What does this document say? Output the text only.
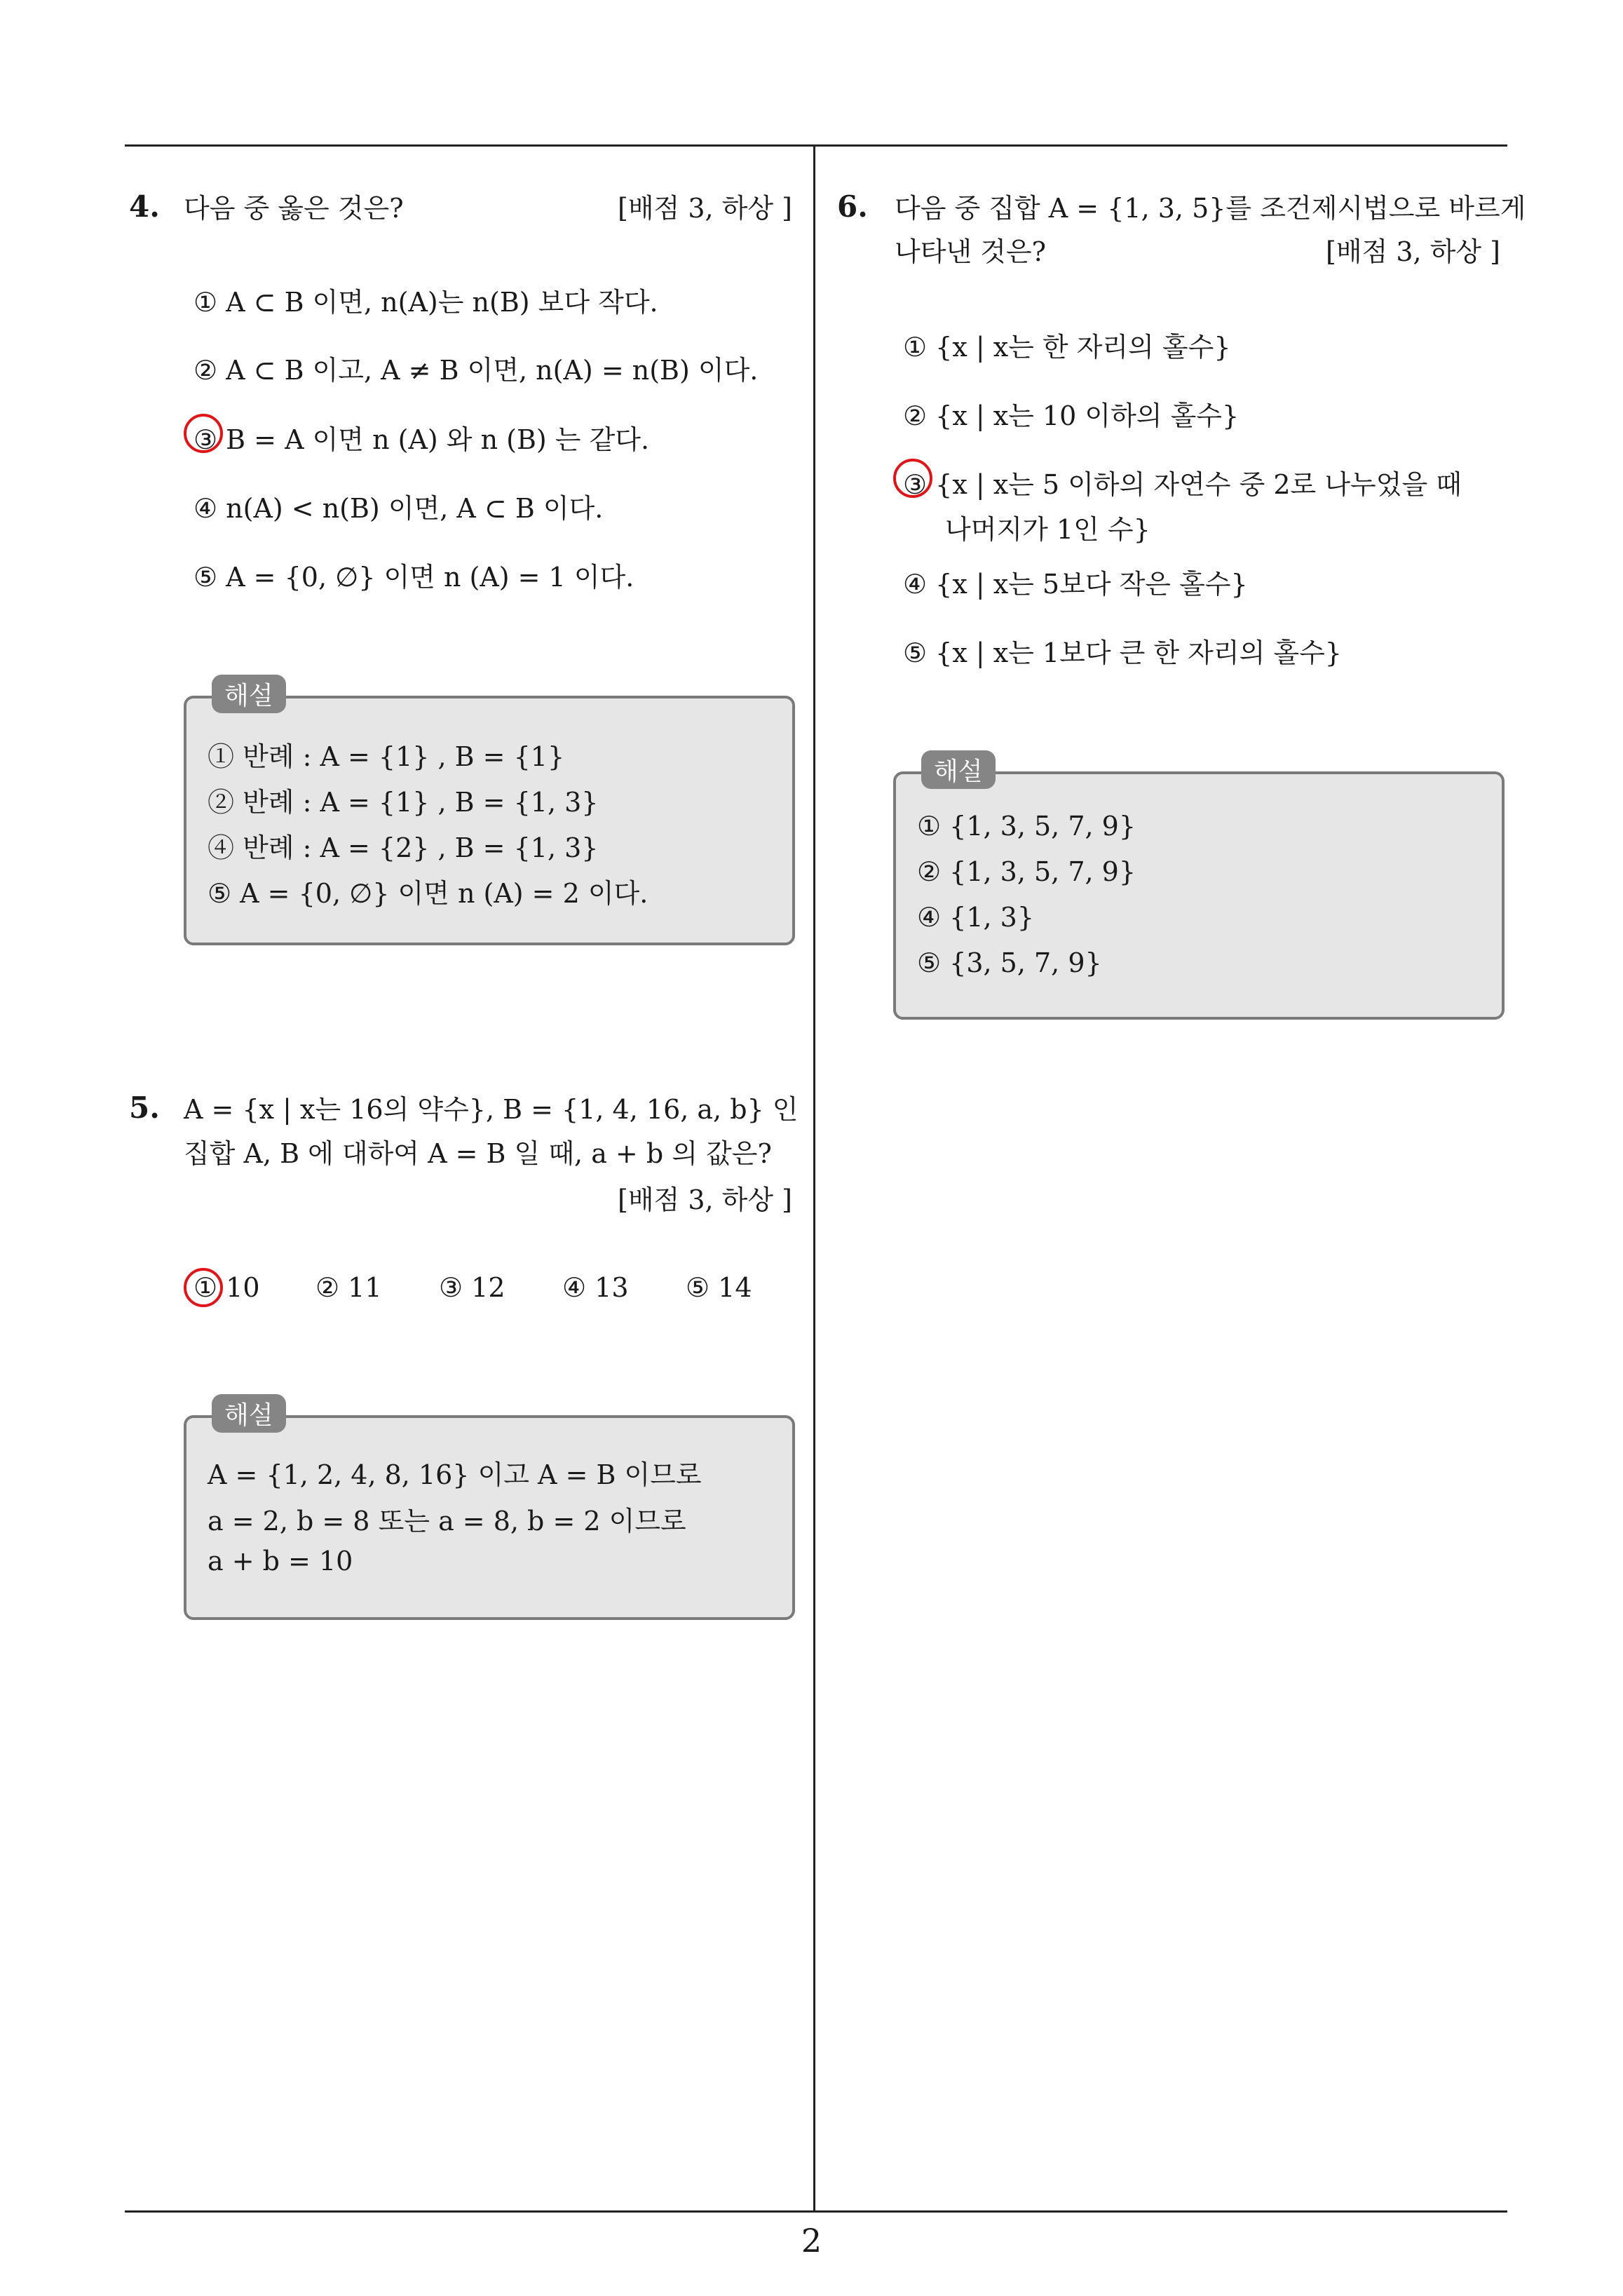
2
4. 다음 중 옳은 것은?	[배점 3, 하상 ]
① A ⊂ B 이면, n(A)는 n(B) 보다 작다.
② A ⊂ B 이고, A ≠ B 이면, n(A) = n(B) 이다.
③ B = A 이면 n (A) 와 n (B) 는 같다.
④ n(A) < n(B) 이면, A ⊂ B 이다.
⑤ A = {0, ∅} 이면 n (A) = 1 이다.
해설
① 반례 : A = {1} , B = {1}
② 반례 : A = {1} , B = {1, 3}
④ 반례 : A = {2} , B = {1, 3}
⑤ A = {0, ∅} 이면 n (A) = 2 이다.
5. A = {x | x는 16의 약수}, B = {1, 4, 16, a, b} 인
집합 A, B 에 대하여 A = B 일 때, a + b 의 값은?
[배점 3, 하상 ]
① 10 ② 11 ③ 12 ④ 13 ⑤ 14
해설
A = {1, 2, 4, 8, 16} 이고 A = B 이므로
a = 2, b = 8 또는 a = 8, b = 2 이므로
a + b = 10
6. 다음 중 집합 A = {1, 3, 5}를 조건제시법으로 바르게
나타낸 것은?	[배점 3, 하상 ]
① {x | x는 한 자리의 홀수}
② {x | x는 10 이하의 홀수}
③ {x | x는 5 이하의 자연수 중 2로 나누었을 때
나머지가 1인 수}
④ {x | x는 5보다 작은 홀수}
⑤ {x | x는 1보다 큰 한 자리의 홀수}
해설
① {1, 3, 5, 7, 9}
② {1, 3, 5, 7, 9}
④ {1, 3}
⑤ {3, 5, 7, 9}
